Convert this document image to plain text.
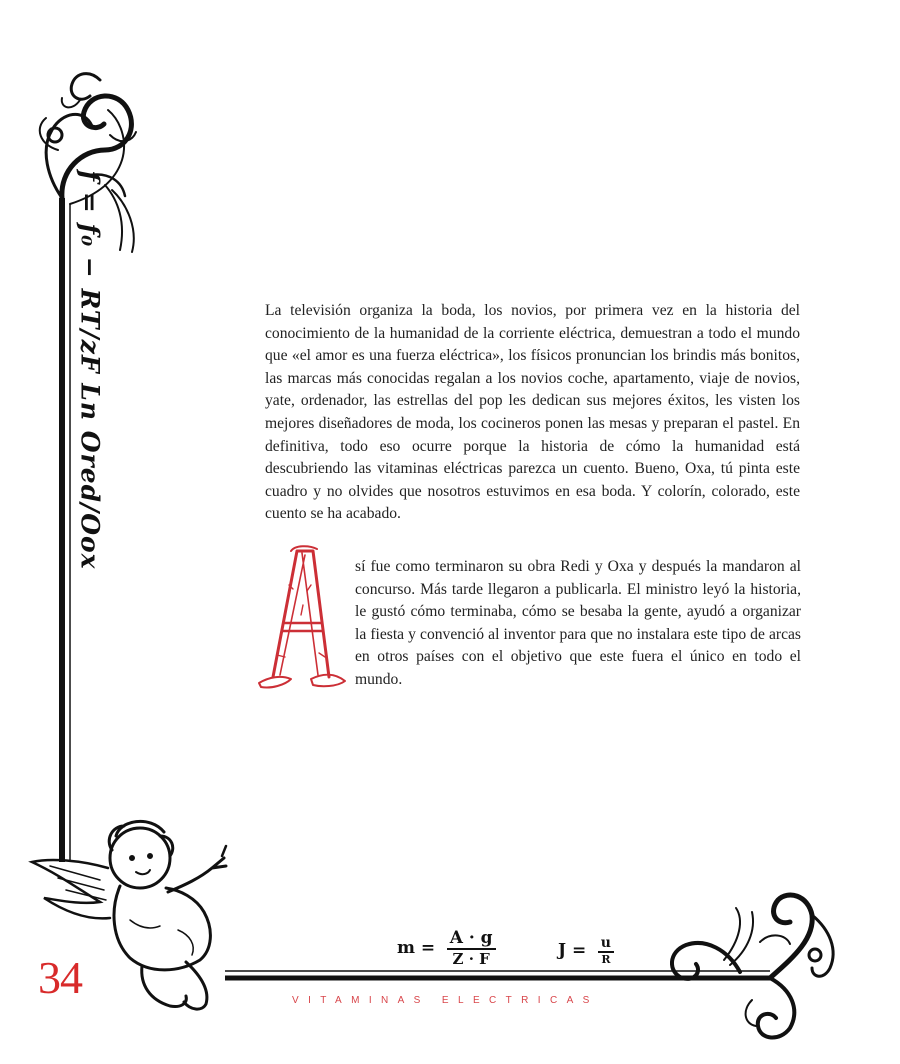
f = f₀ − RT/zF Ln Ored/Oox	La televisión organiza la boda, los novios, por primera vez en la historia del conocimiento de la humanidad de la corriente eléctrica, demuestran a todo el mundo que «el amor es una fuerza eléctrica», los físicos pronuncian los brindis más bonitos, las marcas más conocidas regalan a los novios coche, apartamento, viaje de novios, yate, ordenador, las estrellas del pop les dedican sus mejores éxitos, les visten los mejores diseñadores de moda, los cocineros ponen las mesas y preparan el pastel. En definitiva, todo eso ocurre porque la historia de cómo la humanidad está descubriendo las vitaminas eléctricas parezca un cuento. Bueno, Oxa, tú pinta este cuadro y no olvides que nosotros estuvimos en esa boda. Y colorín, colorado, este cuento se ha acabado.

A

sí fue como terminaron su obra Redi y Oxa y después la mandaron al concurso. Más tarde llegaron a publicarla. El ministro leyó la historia, le gustó cómo terminaba, cómo se besaba la gente, ayudó a organizar la fiesta y convenció al inventor para que no instalara este tipo de arcas en otros países con el objetivo que este fuera el único en todo el mundo.

$m = \frac{A \cdot g}{Z \cdot F}$	$J = \frac{u}{R}$
34	VITAMINAS ELECTRICAS
